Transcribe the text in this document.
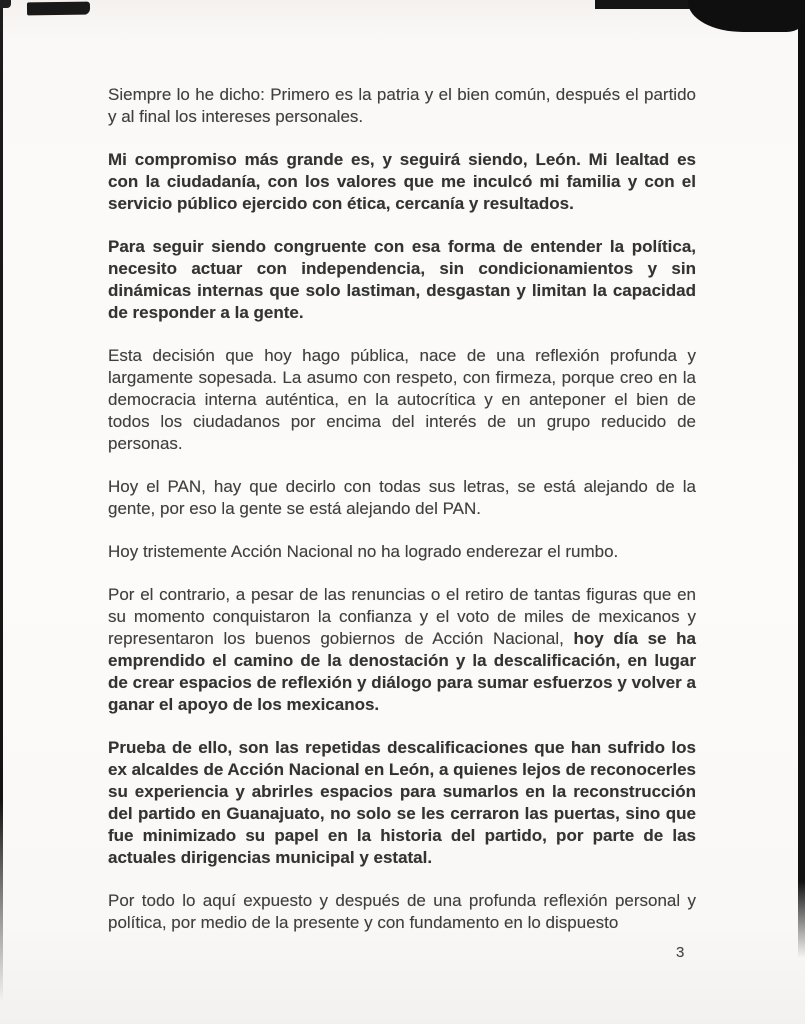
Siempre lo he dicho: Primero es la patria y el bien común, después el partido y al final los intereses personales.

Mi compromiso más grande es, y seguirá siendo, León. Mi lealtad es con la ciudadanía, con los valores que me inculcó mi familia y con el servicio público ejercido con ética, cercanía y resultados.

Para seguir siendo congruente con esa forma de entender la política, necesito actuar con independencia, sin condicionamientos y sin dinámicas internas que solo lastiman, desgastan y limitan la capacidad de responder a la gente.

Esta decisión que hoy hago pública, nace de una reflexión profunda y largamente sopesada. La asumo con respeto, con firmeza, porque creo en la democracia interna auténtica, en la autocrítica y en anteponer el bien de todos los ciudadanos por encima del interés de un grupo reducido de personas.

Hoy el PAN, hay que decirlo con todas sus letras, se está alejando de la gente, por eso la gente se está alejando del PAN.

Hoy tristemente Acción Nacional no ha logrado enderezar el rumbo.

Por el contrario, a pesar de las renuncias o el retiro de tantas figuras que en su momento conquistaron la confianza y el voto de miles de mexicanos y representaron los buenos gobiernos de Acción Nacional, hoy día se ha emprendido el camino de la denostación y la descalificación, en lugar de crear espacios de reflexión y diálogo para sumar esfuerzos y volver a ganar el apoyo de los mexicanos.

Prueba de ello, son las repetidas descalificaciones que han sufrido los ex alcaldes de Acción Nacional en León, a quienes lejos de reconocerles su experiencia y abrirles espacios para sumarlos en la reconstrucción del partido en Guanajuato, no solo se les cerraron las puertas, sino que fue minimizado su papel en la historia del partido, por parte de las actuales dirigencias municipal y estatal.

Por todo lo aquí expuesto y después de una profunda reflexión personal y política, por medio de la presente y con fundamento en lo dispuesto

3
